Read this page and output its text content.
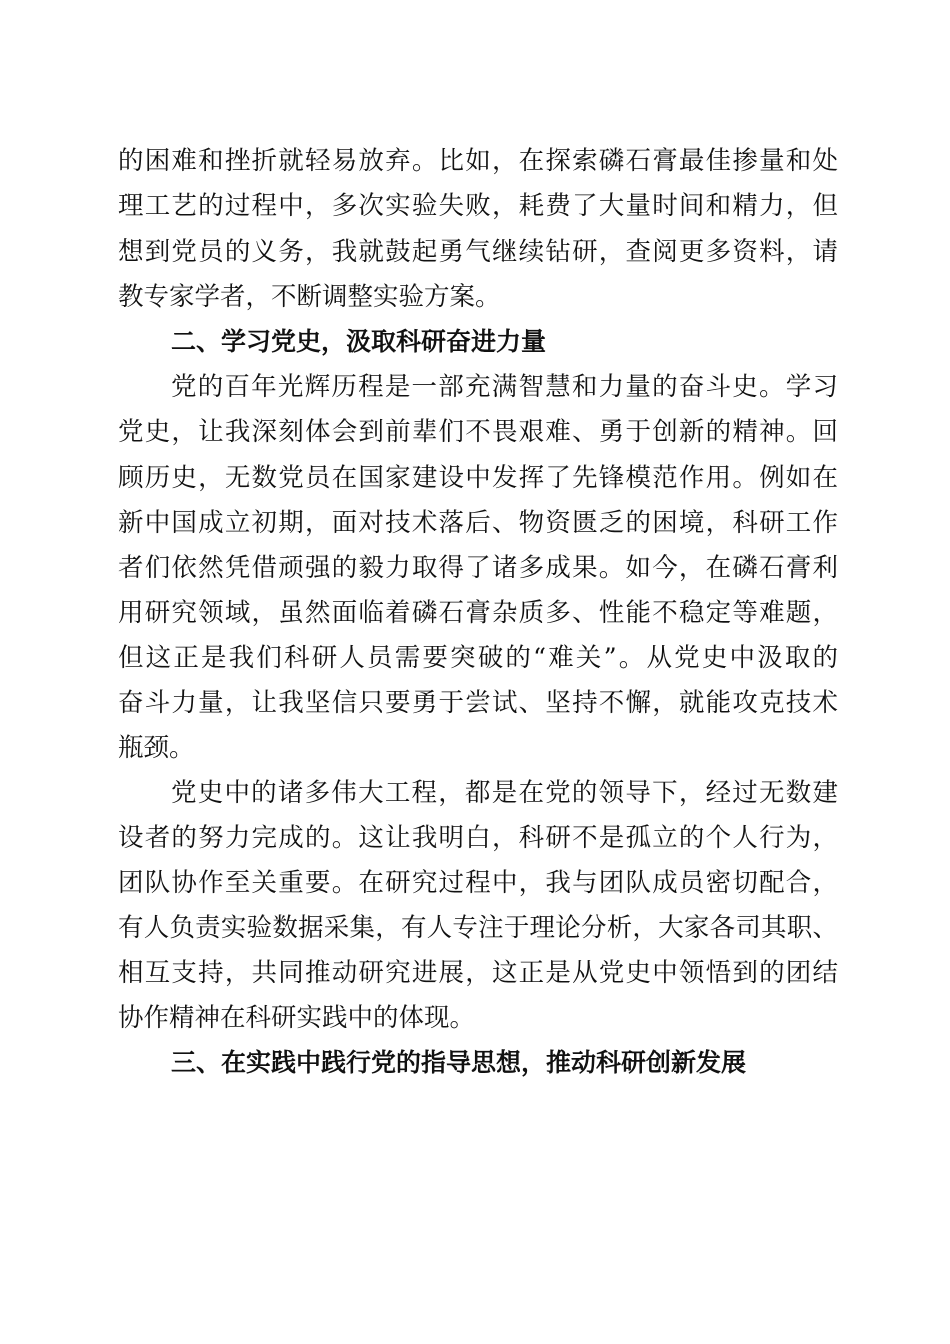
的困难和挫折就轻易放弃。比如，在探索磷石膏最佳掺量和处
理工艺的过程中，多次实验失败，耗费了大量时间和精力，但
想到党员的义务，我就鼓起勇气继续钻研，查阅更多资料，请
教专家学者，不断调整实验方案。
二、学习党史，汲取科研奋进力量
党的百年光辉历程是一部充满智慧和力量的奋斗史。学习
党史，让我深刻体会到前辈们不畏艰难、勇于创新的精神。回
顾历史，无数党员在国家建设中发挥了先锋模范作用。例如在
新中国成立初期，面对技术落后、物资匮乏的困境，科研工作
者们依然凭借顽强的毅力取得了诸多成果。如今，在磷石膏利
用研究领域，虽然面临着磷石膏杂质多、性能不稳定等难题，
但这正是我们科研人员需要突破的“难关”。从党史中汲取的
奋斗力量，让我坚信只要勇于尝试、坚持不懈，就能攻克技术
瓶颈。
党史中的诸多伟大工程，都是在党的领导下，经过无数建
设者的努力完成的。这让我明白，科研不是孤立的个人行为，
团队协作至关重要。在研究过程中，我与团队成员密切配合，
有人负责实验数据采集，有人专注于理论分析，大家各司其职、
相互支持，共同推动研究进展，这正是从党史中领悟到的团结
协作精神在科研实践中的体现。
三、在实践中践行党的指导思想，推动科研创新发展
